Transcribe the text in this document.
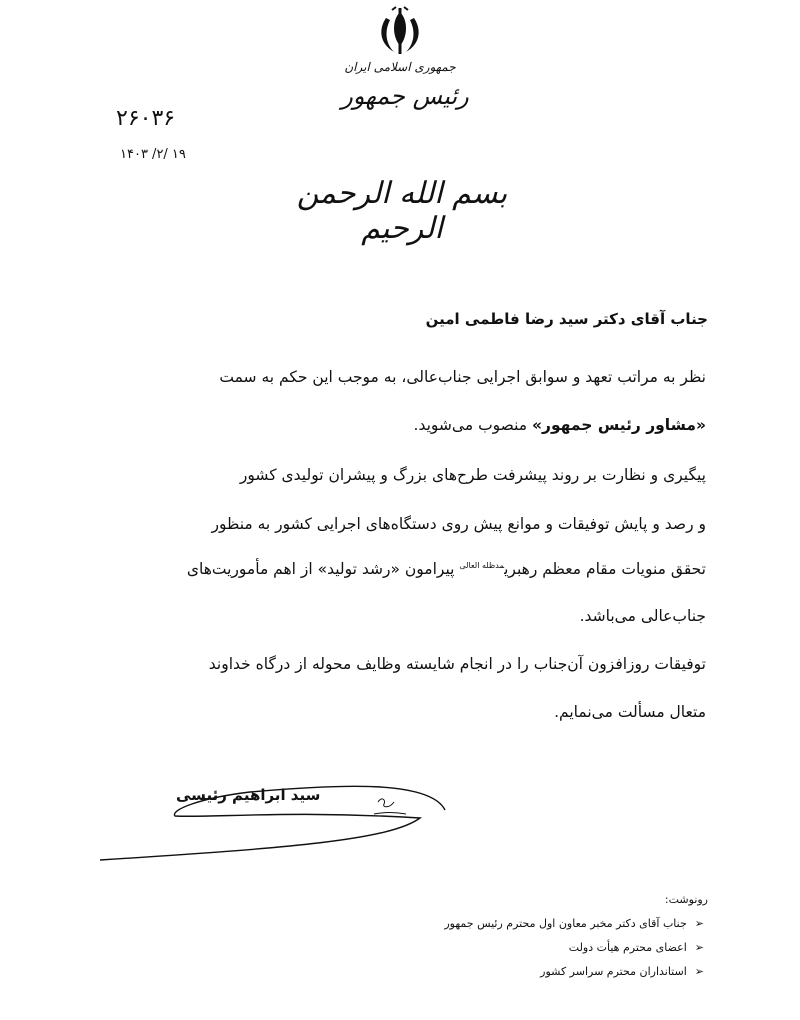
جمهوری اسلامی ایران
رئیس جمهور
۲۶۰۳۶
۱۴۰۳ /۲/ ۱۹
بسم الله الرحمن الرحیم
جناب آقای دکتر سید رضا فاطمی امین
نظر به مراتب تعهد و سوابق اجرایی جناب‌عالی، به موجب این حکم به سمت
«مشاور رئیس جمهور» منصوب می‌شوید.
پیگیری و نظارت بر روند پیشرفت طرح‌های بزرگ و پیشران تولیدی کشور
و رصد و پایش توفیقات و موانع پیش روی دستگاه‌های اجرایی کشور به منظور
تحقق منویات مقام معظم رهبری$^{مدظله العالی}$ پیرامون «رشد تولید» از اهم مأموریت‌های
جناب‌عالی می‌باشد.
توفیقات روزافزون آن‌جناب را در انجام شایسته وظایف محوله از درگاه خداوند
متعال مسألت می‌نمایم.
سید ابراهیم رئیسی
رونوشت:
➢جناب آقای دکتر مخبر معاون اول محترم رئیس جمهور
➢اعضای محترم هیأت دولت
➢استانداران محترم سراسر کشور
